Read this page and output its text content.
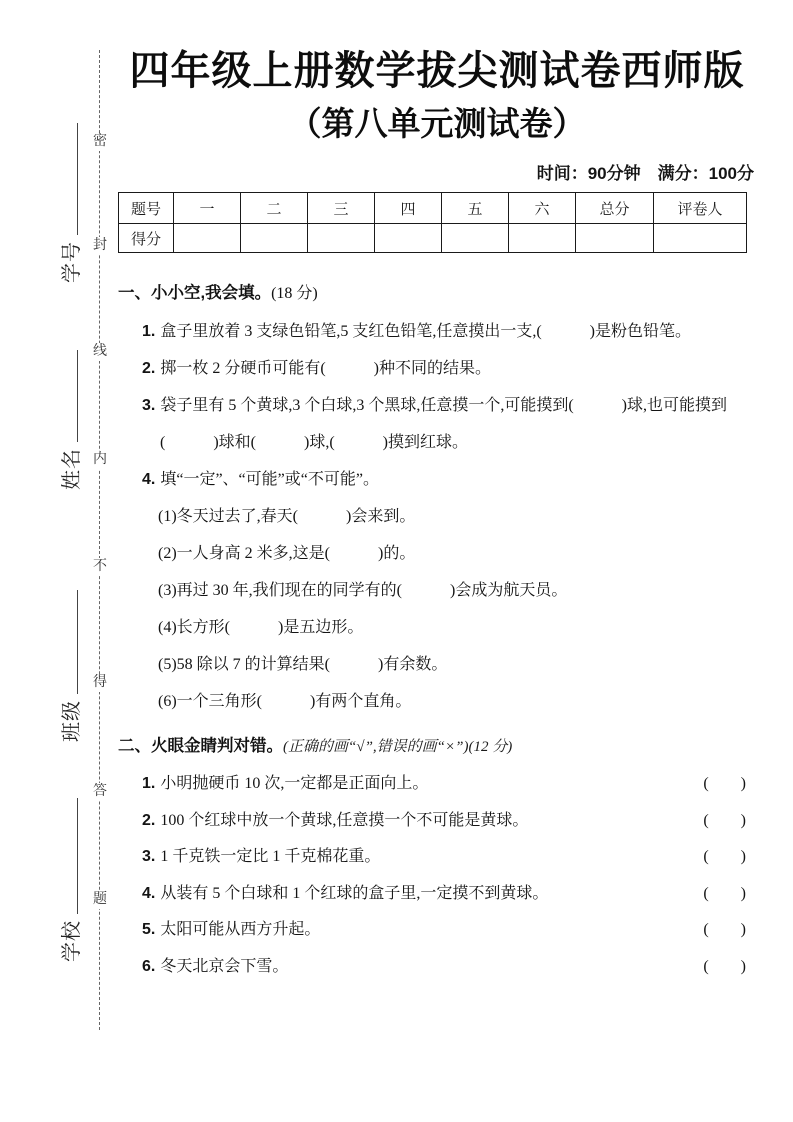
密
封
线
内
不
得
答
题
学号
姓名
班级
学校
四年级上册数学拔尖测试卷西师版
（第八单元测试卷）
时间：90分钟　满分：100分
题号	一	二	三	四	五	六	总分	评卷人
得分								
一、小小空,我会填。(18 分)
1. 盒子里放着 3 支绿色铅笔,5 支红色铅笔,任意摸出一支,(　　　)是粉色铅笔。
2. 掷一枚 2 分硬币可能有(　　　)种不同的结果。
3. 袋子里有 5 个黄球,3 个白球,3 个黑球,任意摸一个,可能摸到(　　　)球,也可能摸到(　　　)球和(　　　)球,(　　　)摸到红球。
4. 填“一定”、“可能”或“不可能”。
(1)冬天过去了,春天(　　　)会来到。
(2)一人身高 2 米多,这是(　　　)的。
(3)再过 30 年,我们现在的同学有的(　　　)会成为航天员。
(4)长方形(　　　)是五边形。
(5)58 除以 7 的计算结果(　　　)有余数。
(6)一个三角形(　　　)有两个直角。
二、火眼金睛判对错。(正确的画“√”,错误的画“×”)(12 分)
1. 小明抛硬币 10 次,一定都是正面向上。	(　　)
2. 100 个红球中放一个黄球,任意摸一个不可能是黄球。	(　　)
3. 1 千克铁一定比 1 千克棉花重。	(　　)
4. 从装有 5 个白球和 1 个红球的盒子里,一定摸不到黄球。	(　　)
5. 太阳可能从西方升起。	(　　)
6. 冬天北京会下雪。	(　　)
